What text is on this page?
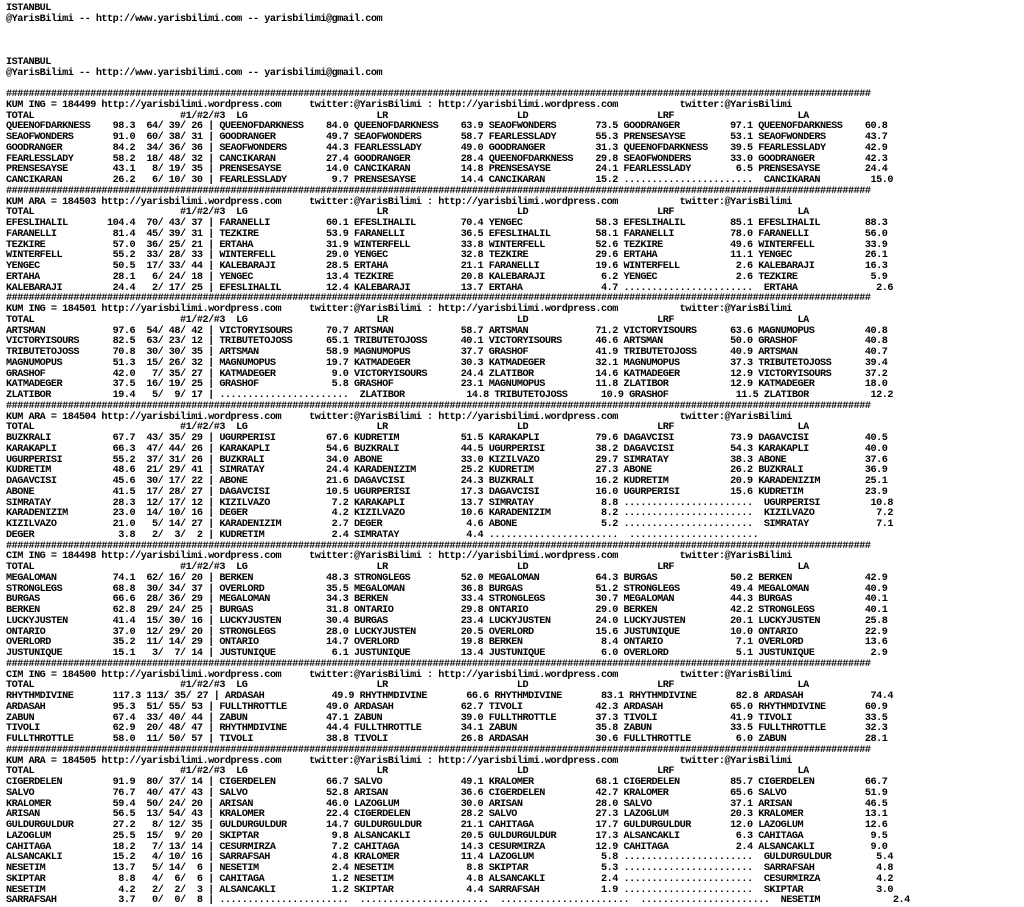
ISTANBUL
@YarisBilimi -- http://www.yarisbilimi.com -- yarisbilimi@gmail.com
ISTANBUL
@YarisBilimi -- http://www.yarisbilimi.com -- yarisbilimi@gmail.com
##########################################################################################################################################################
KUM ING = 184499 http://yarisbilimi.wordpress.com     twitter:@YarisBilimi : http://yarisbilimi.wordpress.com           twitter:@YarisBilimi
TOTAL                          #1/#2/#3  LG                       LR                       LD                       LRF                      LA
QUEENOFDARKNESS    98.3  64/ 39/ 26 | QUEENOFDARKNESS    84.0 QUEENOFDARKNESS    63.9 SEAOFWONDERS       73.5 GOODRANGER         97.1 QUEENOFDARKNESS    60.8
SEAOFWONDERS       91.0  60/ 38/ 31 | GOODRANGER         49.7 SEAOFWONDERS       58.7 FEARLESSLADY       55.3 PRENSESAYSE        53.1 SEAOFWONDERS       43.7
GOODRANGER         84.2  34/ 36/ 36 | SEAOFWONDERS       44.3 FEARLESSLADY       49.0 GOODRANGER         31.3 QUEENOFDARKNESS    39.5 FEARLESSLADY       42.9
FEARLESSLADY       58.2  18/ 48/ 32 | CANCIKARAN         27.4 GOODRANGER         28.4 QUEENOFDARKNESS    29.8 SEAOFWONDERS       33.0 GOODRANGER         42.3
PRENSESAYSE        43.1   8/ 19/ 35 | PRENSESAYSE        14.0 CANCIKARAN         14.8 PRENSESAYSE        24.1 FEARLESSLADY        6.5 PRENSESAYSE        24.4
CANCIKARAN         26.2   6/ 10/ 30 | FEARLESSLADY        9.7 PRENSESAYSE        14.4 CANCIKARAN         15.2 .......................  CANCIKARAN         15.0
##########################################################################################################################################################
KUM ARA = 184503 http://yarisbilimi.wordpress.com     twitter:@YarisBilimi : http://yarisbilimi.wordpress.com           twitter:@YarisBilimi
TOTAL                          #1/#2/#3  LG                       LR                       LD                       LRF                      LA
EFESLIHALIL       104.4  70/ 43/ 37 | FARANELLI          60.1 EFESLIHALIL        70.4 YENGEC             58.3 EFESLIHALIL        85.1 EFESLIHALIL        88.3
FARANELLI          81.4  45/ 39/ 31 | TEZKIRE            53.9 FARANELLI          36.5 EFESLIHALIL        58.1 FARANELLI          78.0 FARANELLI          56.0
TEZKIRE            57.0  36/ 25/ 21 | ERTAHA             31.9 WINTERFELL         33.8 WINTERFELL         52.6 TEZKIRE            49.6 WINTERFELL         33.9
WINTERFELL         55.2  33/ 28/ 33 | WINTERFELL         29.0 YENGEC             32.8 TEZKIRE            29.6 ERTAHA             11.1 YENGEC             26.1
YENGEC             50.5  17/ 33/ 44 | KALEBARAJI         28.5 ERTAHA             21.1 FARANELLI          19.6 WINTERFELL          2.6 KALEBARAJI         16.3
ERTAHA             28.1   6/ 24/ 18 | YENGEC             13.4 TEZKIRE            20.8 KALEBARAJI          6.2 YENGEC              2.6 TEZKIRE             5.9
KALEBARAJI         24.4   2/ 17/ 25 | EFESLIHALIL        12.4 KALEBARAJI         13.7 ERTAHA              4.7 .......................  ERTAHA              2.6
##########################################################################################################################################################
KUM ING = 184501 http://yarisbilimi.wordpress.com     twitter:@YarisBilimi : http://yarisbilimi.wordpress.com           twitter:@YarisBilimi
TOTAL                          #1/#2/#3  LG                       LR                       LD                       LRF                      LA
ARTSMAN            97.6  54/ 48/ 42 | VICTORYISOURS      70.7 ARTSMAN            58.7 ARTSMAN            71.2 VICTORYISOURS      63.6 MAGNUMOPUS         40.8
VICTORYISOURS      82.5  63/ 23/ 12 | TRIBUTETOJOSS      65.1 TRIBUTETOJOSS      40.1 VICTORYISOURS      46.6 ARTSMAN            50.0 GRASHOF            40.8
TRIBUTETOJOSS      70.8  30/ 30/ 35 | ARTSMAN            58.9 MAGNUMOPUS         37.7 GRASHOF            41.9 TRIBUTETOJOSS      40.9 ARTSMAN            40.7
MAGNUMOPUS         51.3  15/ 26/ 32 | MAGNUMOPUS         19.7 KATMADEGER         30.3 KATMADEGER         32.1 MAGNUMOPUS         37.3 TRIBUTETOJOSS      39.4
GRASHOF            42.0   7/ 35/ 27 | KATMADEGER          9.0 VICTORYISOURS      24.4 ZLATIBOR           14.6 KATMADEGER         12.9 VICTORYISOURS      37.2
KATMADEGER         37.5  16/ 19/ 25 | GRASHOF             5.8 GRASHOF            23.1 MAGNUMOPUS         11.8 ZLATIBOR           12.9 KATMADEGER         18.0
ZLATIBOR           19.4   5/  9/ 17 | .......................  ZLATIBOR           14.8 TRIBUTETOJOSS      10.9 GRASHOF            11.5 ZLATIBOR           12.2
##########################################################################################################################################################
KUM ARA = 184504 http://yarisbilimi.wordpress.com     twitter:@YarisBilimi : http://yarisbilimi.wordpress.com           twitter:@YarisBilimi
TOTAL                          #1/#2/#3  LG                       LR                       LD                       LRF                      LA
BUZKRALI           67.7  43/ 35/ 29 | UGURPERISI         67.6 KUDRETIM           51.5 KARAKAPLI          79.6 DAGAVCISI          73.9 DAGAVCISI          40.5
KARAKAPLI          66.3  47/ 44/ 26 | KARAKAPLI          54.6 BUZKRALI           44.5 UGURPERISI         38.2 DAGAVCISI          54.3 KARAKAPLI          40.0
UGURPERISI         55.2  37/ 31/ 26 | BUZKRALI           34.0 ABONE              33.0 KIZILVAZO          29.7 SIMRATAY           38.3 ABONE              37.6
KUDRETIM           48.6  21/ 29/ 41 | SIMRATAY           24.4 KARADENIZIM        25.2 KUDRETIM           27.3 ABONE              26.2 BUZKRALI           36.9
DAGAVCISI          45.6  30/ 17/ 22 | ABONE              21.6 DAGAVCISI          24.3 BUZKRALI           16.2 KUDRETIM           20.9 KARADENIZIM        25.1
ABONE              41.5  17/ 28/ 27 | DAGAVCISI          10.5 UGURPERISI         17.3 DAGAVCISI          16.0 UGURPERISI         15.6 KUDRETIM           23.9
SIMRATAY           28.3  12/ 17/ 12 | KIZILVAZO           7.2 KARAKAPLI          13.7 SIMRATAY            8.8 .......................  UGURPERISI         10.8
KARADENIZIM        23.0  14/ 10/ 16 | DEGER               4.2 KIZILVAZO          10.6 KARADENIZIM         8.2 .......................  KIZILVAZO           7.2
KIZILVAZO          21.0   5/ 14/ 27 | KARADENIZIM         2.7 DEGER               4.6 ABONE               5.2 .......................  SIMRATAY            7.1
DEGER               3.8   2/  3/  2 | KUDRETIM            2.4 SIMRATAY            4.4 .......................  .......................
##########################################################################################################################################################
CIM ING = 184498 http://yarisbilimi.wordpress.com     twitter:@YarisBilimi : http://yarisbilimi.wordpress.com           twitter:@YarisBilimi
TOTAL                          #1/#2/#3  LG                       LR                       LD                       LRF                      LA
MEGALOMAN          74.1  62/ 16/ 20 | BERKEN             48.3 STRONGLEGS         52.0 MEGALOMAN          64.3 BURGAS             50.2 BERKEN             42.9
STRONGLEGS         68.8  30/ 34/ 37 | OVERLORD           35.5 MEGALOMAN          36.8 BURGAS             51.2 STRONGLEGS         49.4 MEGALOMAN          40.9
BURGAS             66.6  28/ 36/ 29 | MEGALOMAN          34.3 BERKEN             33.4 STRONGLEGS         30.7 MEGALOMAN          44.3 BURGAS             40.1
BERKEN             62.8  29/ 24/ 25 | BURGAS             31.8 ONTARIO            29.8 ONTARIO            29.0 BERKEN             42.2 STRONGLEGS         40.1
LUCKYJUSTEN        41.4  15/ 30/ 16 | LUCKYJUSTEN        30.4 BURGAS             23.4 LUCKYJUSTEN        24.0 LUCKYJUSTEN        20.1 LUCKYJUSTEN        25.8
ONTARIO            37.0  12/ 29/ 20 | STRONGLEGS         28.0 LUCKYJUSTEN        20.5 OVERLORD           15.6 JUSTUNIQUE         10.0 ONTARIO            22.9
OVERLORD           35.2  11/ 14/ 29 | ONTARIO            14.7 OVERLORD           19.8 BERKEN              8.4 ONTARIO             7.1 OVERLORD           13.6
JUSTUNIQUE         15.1   3/  7/ 14 | JUSTUNIQUE          6.1 JUSTUNIQUE         13.4 JUSTUNIQUE          6.0 OVERLORD            5.1 JUSTUNIQUE          2.9
##########################################################################################################################################################
CIM ING = 184500 http://yarisbilimi.wordpress.com     twitter:@YarisBilimi : http://yarisbilimi.wordpress.com           twitter:@YarisBilimi
TOTAL                          #1/#2/#3  LG                       LR                       LD                       LRF                      LA
RHYTHMDIVINE       117.3 113/ 35/ 27 | ARDASAH            49.9 RHYTHMDIVINE       66.6 RHYTHMDIVINE       83.1 RHYTHMDIVINE       82.8 ARDASAH            74.4
ARDASAH            95.3  51/ 55/ 53 | FULLTHROTTLE       49.0 ARDASAH            62.7 TIVOLI             42.3 ARDASAH            65.0 RHYTHMDIVINE       60.9
ZABUN              67.4  33/ 40/ 44 | ZABUN              47.1 ZABUN              39.0 FULLTHROTTLE       37.3 TIVOLI             41.9 TIVOLI             33.5
TIVOLI             62.9  20/ 48/ 47 | RHYTHMDIVINE       44.4 FULLTHROTTLE       34.1 ZABUN              35.8 ZABUN              33.5 FULLTHROTTLE       32.3
FULLTHROTTLE       58.0  11/ 50/ 57 | TIVOLI             38.8 TIVOLI             26.8 ARDASAH            30.6 FULLTHROTTLE        6.0 ZABUN              28.1
##########################################################################################################################################################
KUM ARA = 184505 http://yarisbilimi.wordpress.com     twitter:@YarisBilimi : http://yarisbilimi.wordpress.com           twitter:@YarisBilimi
TOTAL                          #1/#2/#3  LG                       LR                       LD                       LRF                      LA
CIGERDELEN         91.9  80/ 37/ 14 | CIGERDELEN         66.7 SALVO              49.1 KRALOMER           68.1 CIGERDELEN         85.7 CIGERDELEN         66.7
SALVO              76.7  40/ 47/ 43 | SALVO              52.8 ARISAN             36.6 CIGERDELEN         42.7 KRALOMER           65.6 SALVO              51.9
KRALOMER           59.4  50/ 24/ 20 | ARISAN             46.0 LAZOGLUM           30.0 ARISAN             28.0 SALVO              37.1 ARISAN             46.5
ARISAN             56.5  13/ 54/ 43 | KRALOMER           22.4 CIGERDELEN         28.2 SALVO              27.3 LAZOGLUM           20.3 KRALOMER           13.1
GULDURGULDUR       27.2   8/ 12/ 35 | GULDURGULDUR       14.7 GULDURGULDUR       21.1 CAHITAGA           17.7 GULDURGULDUR       12.0 LAZOGLUM           12.6
LAZOGLUM           25.5  15/  9/ 20 | SKIPTAR             9.8 ALSANCAKLI         20.5 GULDURGULDUR       17.3 ALSANCAKLI          6.3 CAHITAGA            9.5
CAHITAGA           18.2   7/ 13/ 14 | CESURMIRZA          7.2 CAHITAGA           14.3 CESURMIRZA         12.9 CAHITAGA            2.4 ALSANCAKLI          9.0
ALSANCAKLI         15.2   4/ 10/ 16 | SARRAFSAH           4.8 KRALOMER           11.4 LAZOGLUM            5.8 .......................  GULDURGULDUR        5.4
NESETIM            13.7   5/ 14/  6 | NESETIM             2.4 NESETIM             8.8 SKIPTAR             5.3 .......................  SARRAFSAH           4.8
SKIPTAR             8.8   4/  6/  6 | CAHITAGA            1.2 NESETIM             4.8 ALSANCAKLI          2.4 .......................  CESURMIRZA          4.2
NESETIM             4.2   2/  2/  3 | ALSANCAKLI          1.2 SKIPTAR             4.4 SARRAFSAH           1.9 .......................  SKIPTAR             3.0
SARRAFSAH           3.7   0/  0/  8 | .......................  .......................  .......................  .......................  NESETIM             2.4
